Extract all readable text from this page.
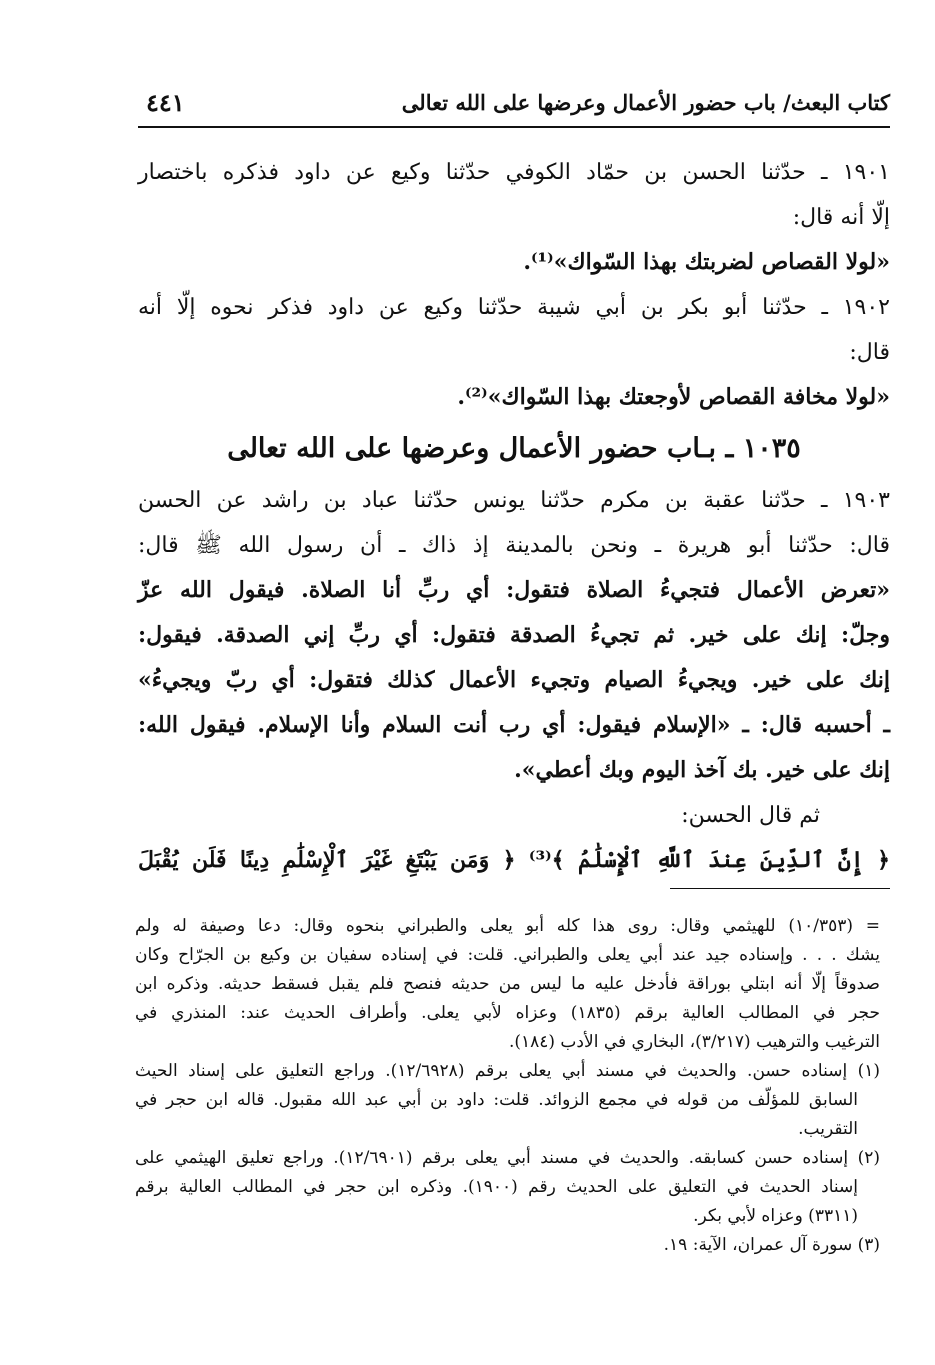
كتاب البعث/ باب حضور الأعمال وعرضها على الله تعالى
٤٤١
١٩٠١ ـ حدّثنا الحسن بن حمّاد الكوفي حدّثنا وكيع عن داود فذكره باختصار
إلّا أنه قال:
«لولا القصاص لضربتك بهذا السّواك»⁽¹⁾.
١٩٠٢ ـ حدّثنا أبو بكر بن أبي شيبة حدّثنا وكيع عن داود فذكر نحوه إلّا أنه
قال:
«لولا مخافة القصاص لأوجعتك بهذا السّواك»⁽²⁾.
١٠٣٥ ـ بـاب حضور الأعمال وعرضها على الله تعالى
١٩٠٣ ـ حدّثنا عقبة بن مكرم حدّثنا يونس حدّثنا عباد بن راشد عن الحسن
قال: حدّثنا أبو هريرة ـ ونحن بالمدينة إذ ذاك ـ أن رسول الله ﷺ قال:
«تعرض الأعمال فتجيءُ الصلاة فتقول: أي ربِّ أنا الصلاة. فيقول الله عزّ
وجلّ: إنك على خير. ثم تجيءُ الصدقة فتقول: أي ربِّ إني الصدقة. فيقول:
إنك على خير. ويجيءُ الصيام وتجيء الأعمال كذلك فتقول: أي ربّ ويجيءُ»
ـ أحسبه قال: ـ «الإسلام فيقول: أي رب أنت السلام وأنا الإسلام. فيقول الله:
إنك على خير. بك آخذ اليوم وبك أعطي».
ثم قال الحسن:
﴿ إِنَّ ٱلدِّينَ عِندَ ٱللَّهِ ٱلْإِسْلَٰمُ ﴾⁽³⁾ ﴿ وَمَن يَبْتَغِ غَيْرَ ٱلْإِسْلَٰمِ دِينًا فَلَن يُقْبَلَ
= (١٠/٣٥٣) للهيثمي وقال: روى هذا كله أبو يعلى والطبراني بنحوه وقال: دعا وصيفة له ولم
يشك . . . وإسناده جيد عند أبي يعلى والطبراني. قلت: في إسناده سفيان بن وكيع بن الجرّاح وكان
صدوقاً إلّا أنه ابتلي بوراقة فأدخل عليه ما ليس من حديثه فنصح فلم يقبل فسقط حديثه. وذكره ابن
حجر في المطالب العالية برقم (١٨٣٥) وعزاه لأبي يعلى. وأطراف الحديث عند: المنذري في
الترغيب والترهيب (٣/٢١٧)، البخاري في الأدب (١٨٤).
(١) إسناده حسن. والحديث في مسند أبي يعلى برقم (١٢/٦٩٢٨). وراجع التعليق على إسناد الحيث
السابق للمؤلّف من قوله في مجمع الزوائد. قلت: داود بن أبي عبد الله مقبول. قاله ابن حجر في
التقريب.
(٢) إسناده حسن كسابقه. والحديث في مسند أبي يعلى برقم (١٢/٦٩٠١). وراجع تعليق الهيثمي على
إسناد الحديث في التعليق على الحديث رقم (١٩٠٠). وذكره ابن حجر في المطالب العالية برقم
(٣٣١١) وعزاه لأبي بكر.
(٣) سورة آل عمران، الآية: ١٩.
